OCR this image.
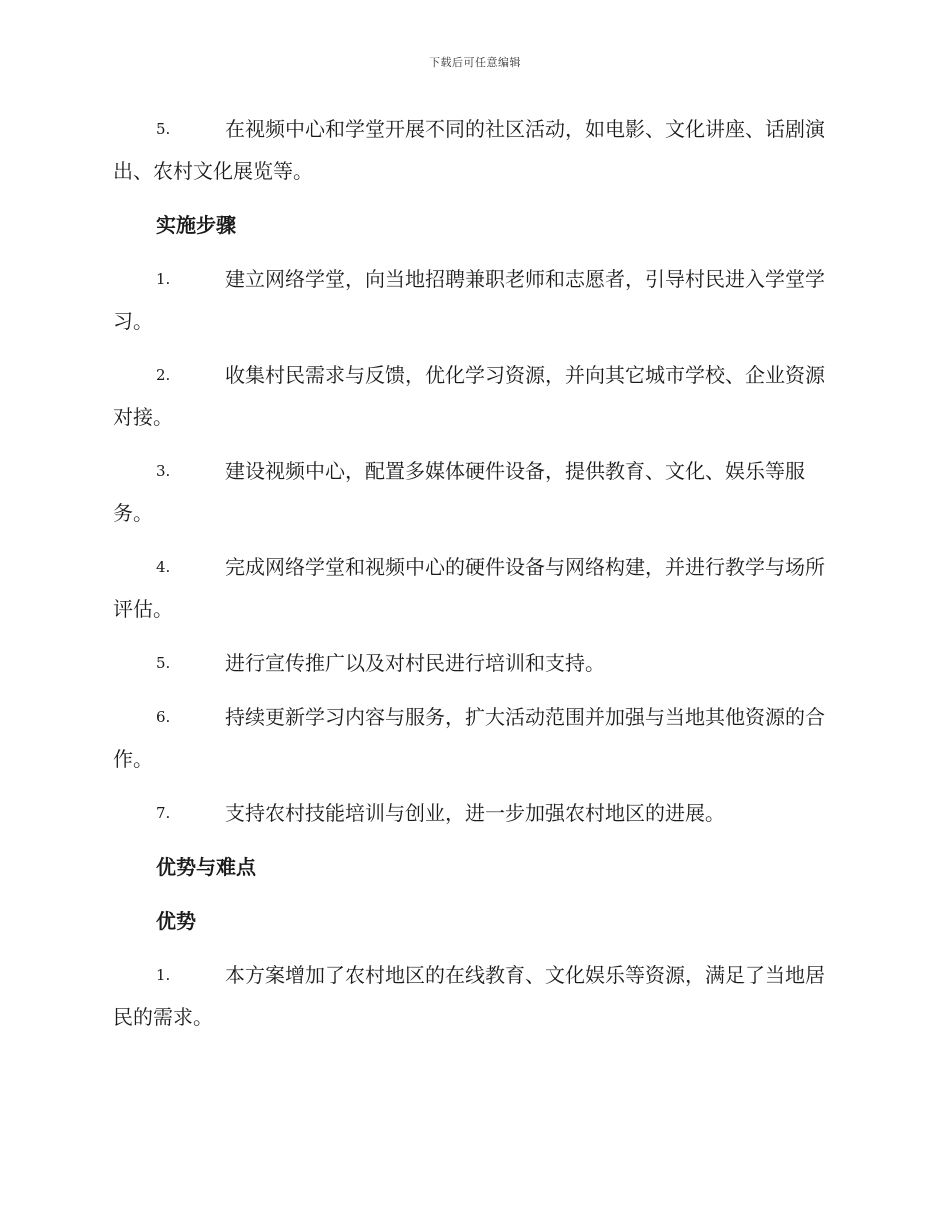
下载后可任意编辑
5.	在视频中心和学堂开展不同的社区活动，如电影、文化讲座、话剧演出、农村文化展览等。
实施步骤
1.	建立网络学堂，向当地招聘兼职老师和志愿者，引导村民进入学堂学习。
2.	收集村民需求与反馈，优化学习资源，并向其它城市学校、企业资源对接。
3.	建设视频中心，配置多媒体硬件设备，提供教育、文化、娱乐等服务。
4.	完成网络学堂和视频中心的硬件设备与网络构建，并进行教学与场所评估。
5.	进行宣传推广以及对村民进行培训和支持。
6.	持续更新学习内容与服务，扩大活动范围并加强与当地其他资源的合作。
7.	支持农村技能培训与创业，进一步加强农村地区的进展。
优势与难点
优势
1.	本方案增加了农村地区的在线教育、文化娱乐等资源，满足了当地居民的需求。
